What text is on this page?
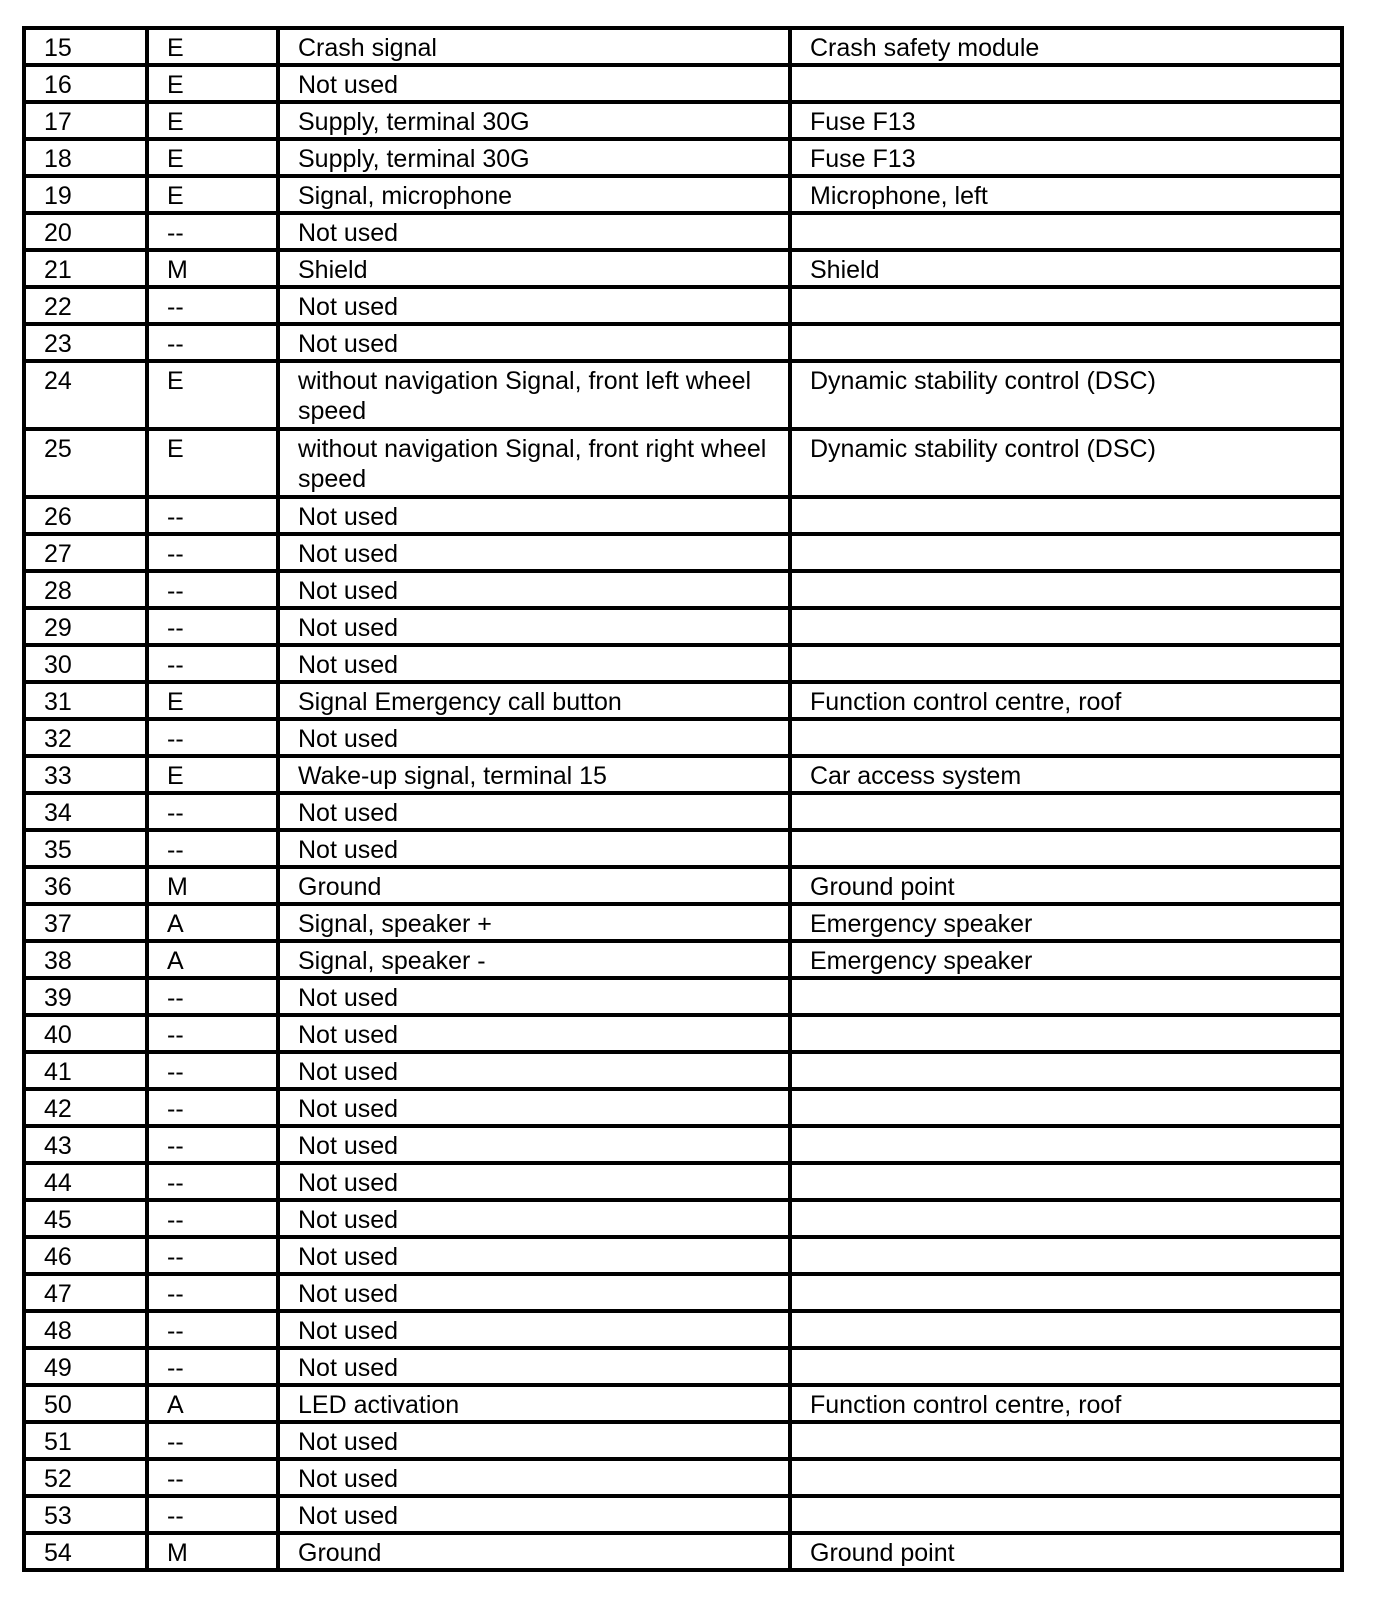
15	E	Crash signal	Crash safety module
16	E	Not used	
17	E	Supply, terminal 30G	Fuse F13
18	E	Supply, terminal 30G	Fuse F13
19	E	Signal, microphone	Microphone, left
20	--	Not used	
21	M	Shield	Shield
22	--	Not used	
23	--	Not used	
24	E	without navigation Signal, front left wheel speed	Dynamic stability control (DSC)
25	E	without navigation Signal, front right wheel speed	Dynamic stability control (DSC)
26	--	Not used	
27	--	Not used	
28	--	Not used	
29	--	Not used	
30	--	Not used	
31	E	Signal Emergency call button	Function control centre, roof
32	--	Not used	
33	E	Wake-up signal, terminal 15	Car access system
34	--	Not used	
35	--	Not used	
36	M	Ground	Ground point
37	A	Signal, speaker +	Emergency speaker
38	A	Signal, speaker -	Emergency speaker
39	--	Not used	
40	--	Not used	
41	--	Not used	
42	--	Not used	
43	--	Not used	
44	--	Not used	
45	--	Not used	
46	--	Not used	
47	--	Not used	
48	--	Not used	
49	--	Not used	
50	A	LED activation	Function control centre, roof
51	--	Not used	
52	--	Not used	
53	--	Not used	
54	M	Ground	Ground point
